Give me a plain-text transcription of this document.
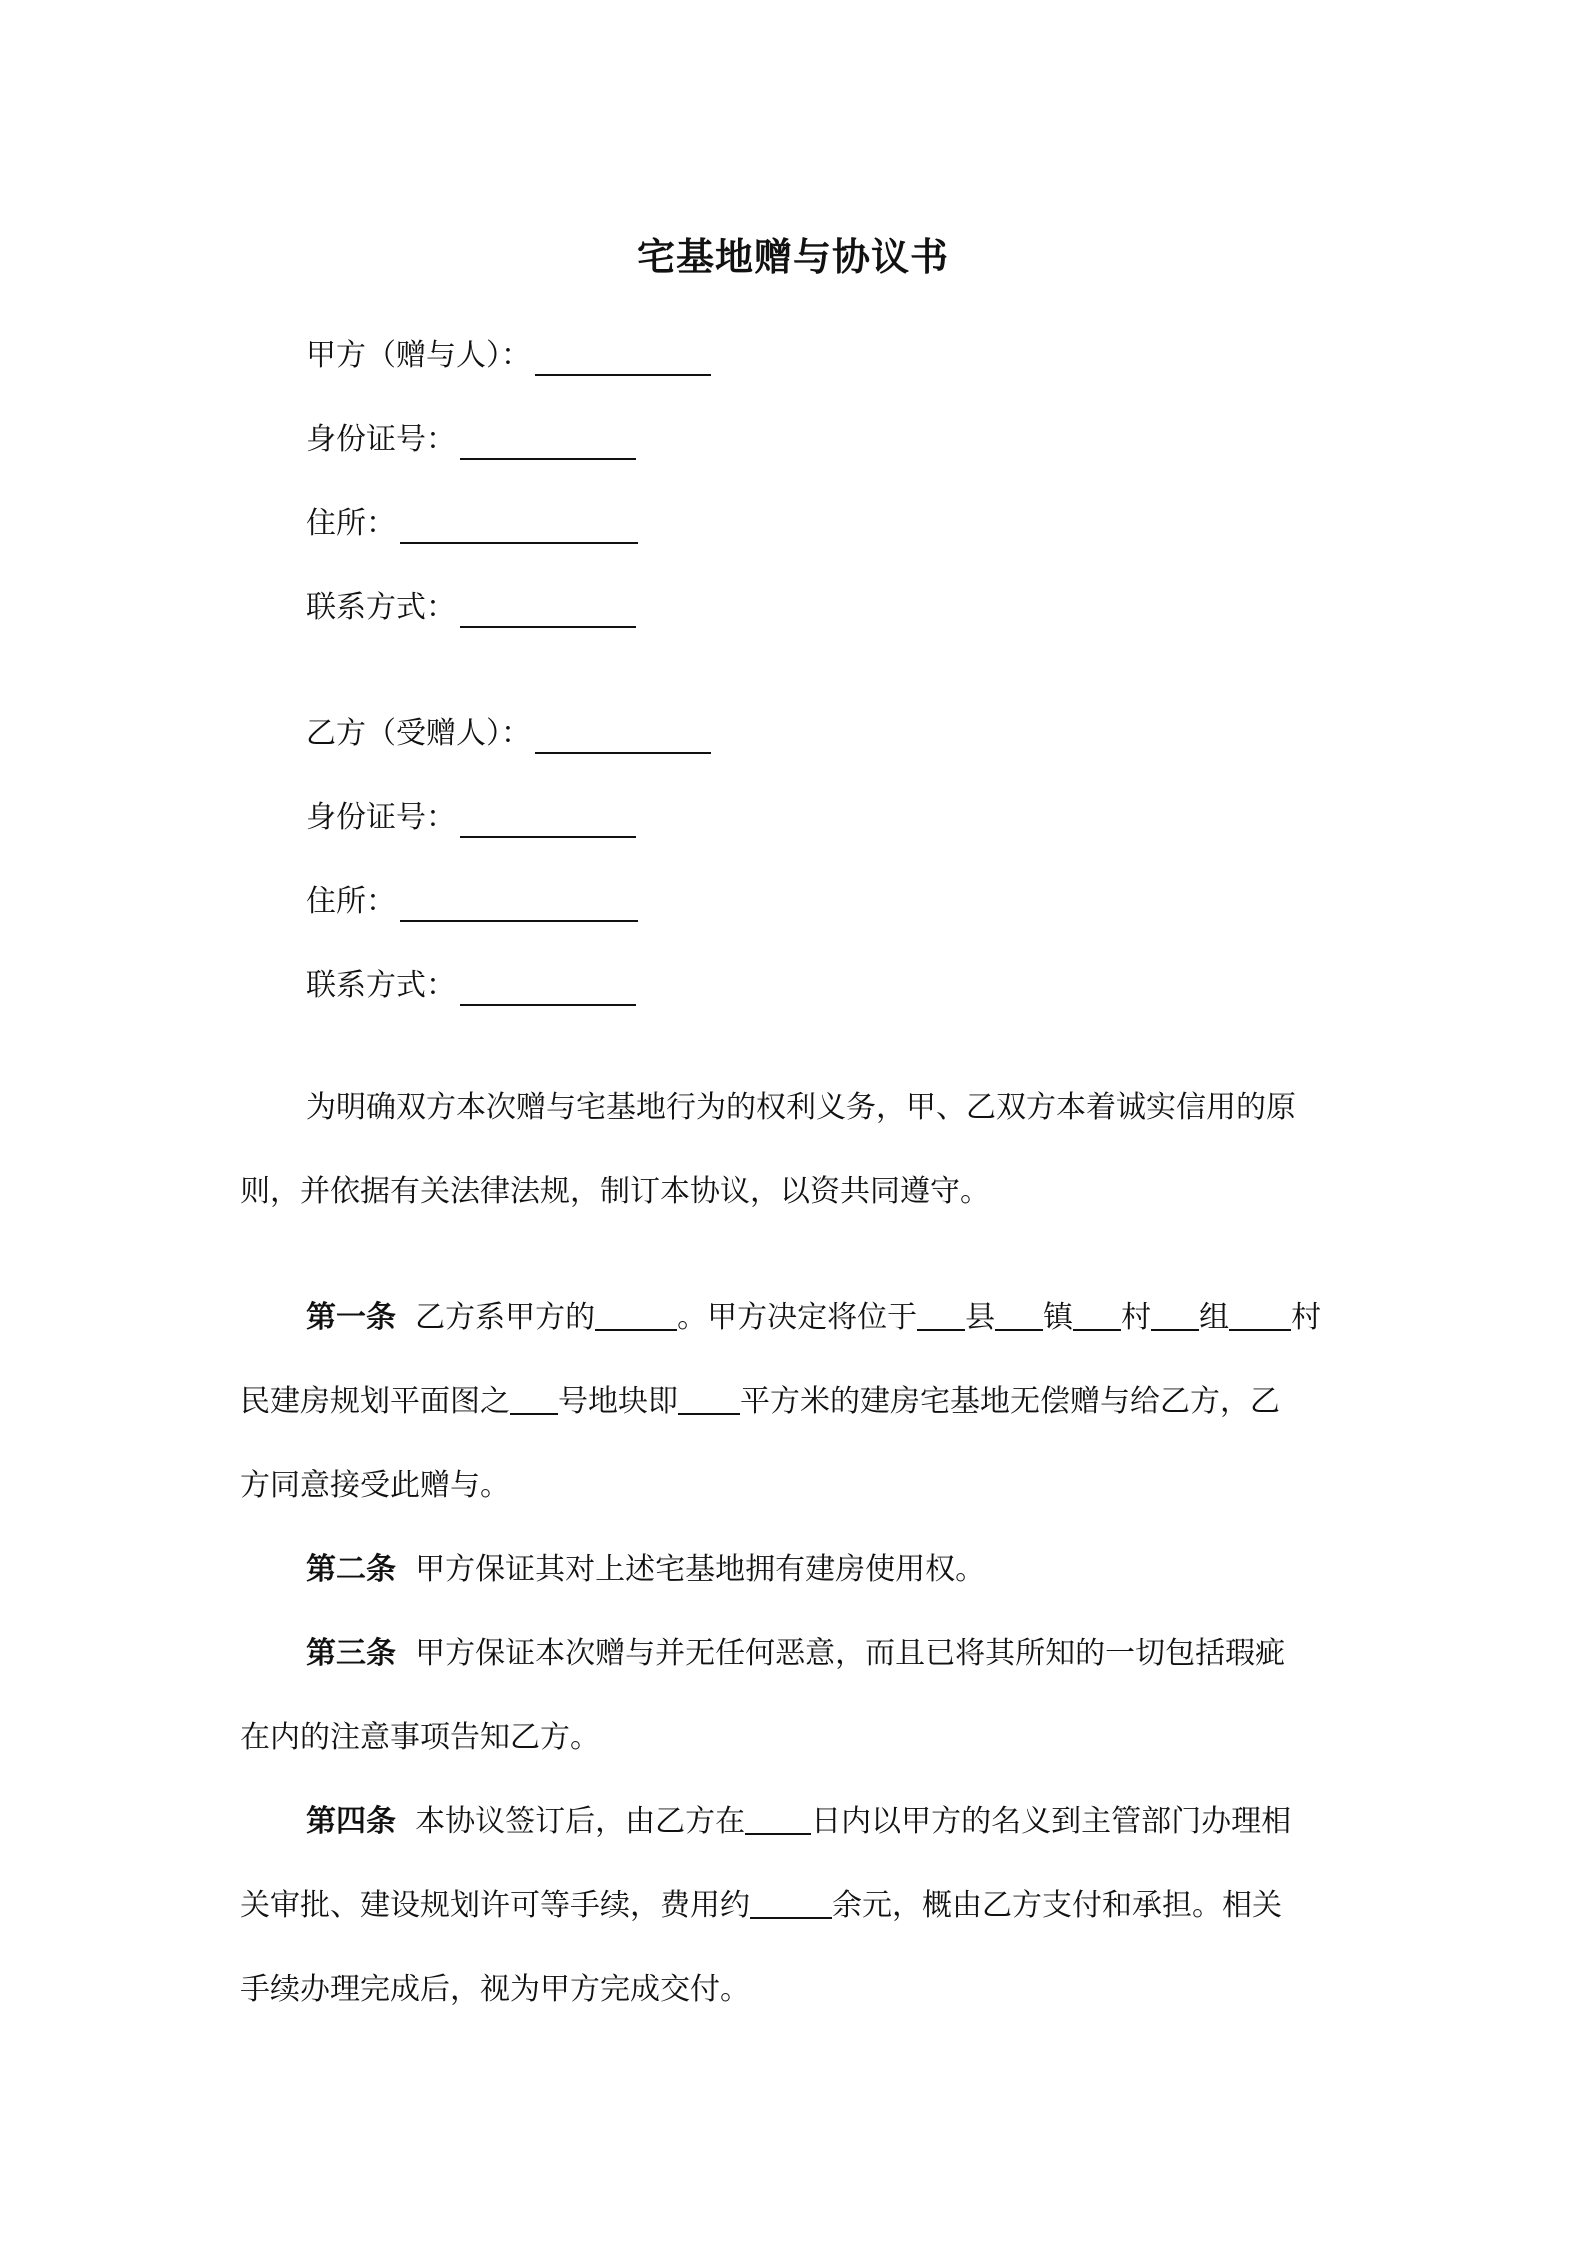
宅基地赠与协议书
甲方（赠与人）：
身份证号：
住所：
联系方式：
乙方（受赠人）：
身份证号：
住所：
联系方式：
为明确双方本次赠与宅基地行为的权利义务，甲、乙双方本着诚实信用的原
则，并依据有关法律法规，制订本协议，以资共同遵守。
第一条 乙方系甲方的	。甲方决定将位于 县 镇 村 组 村
民建房规划平面图之 号地块即 平方米的建房宅基地无偿赠与给乙方，乙
方同意接受此赠与。
第二条 甲方保证其对上述宅基地拥有建房使用权。
第三条 甲方保证本次赠与并无任何恶意，而且已将其所知的一切包括瑕疵
在内的注意事项告知乙方。
第四条 本协议签订后，由乙方在 日内以甲方的名义到主管部门办理相
关审批、建设规划许可等手续，费用约	余元，概由乙方支付和承担。相关
手续办理完成后，视为甲方完成交付。
